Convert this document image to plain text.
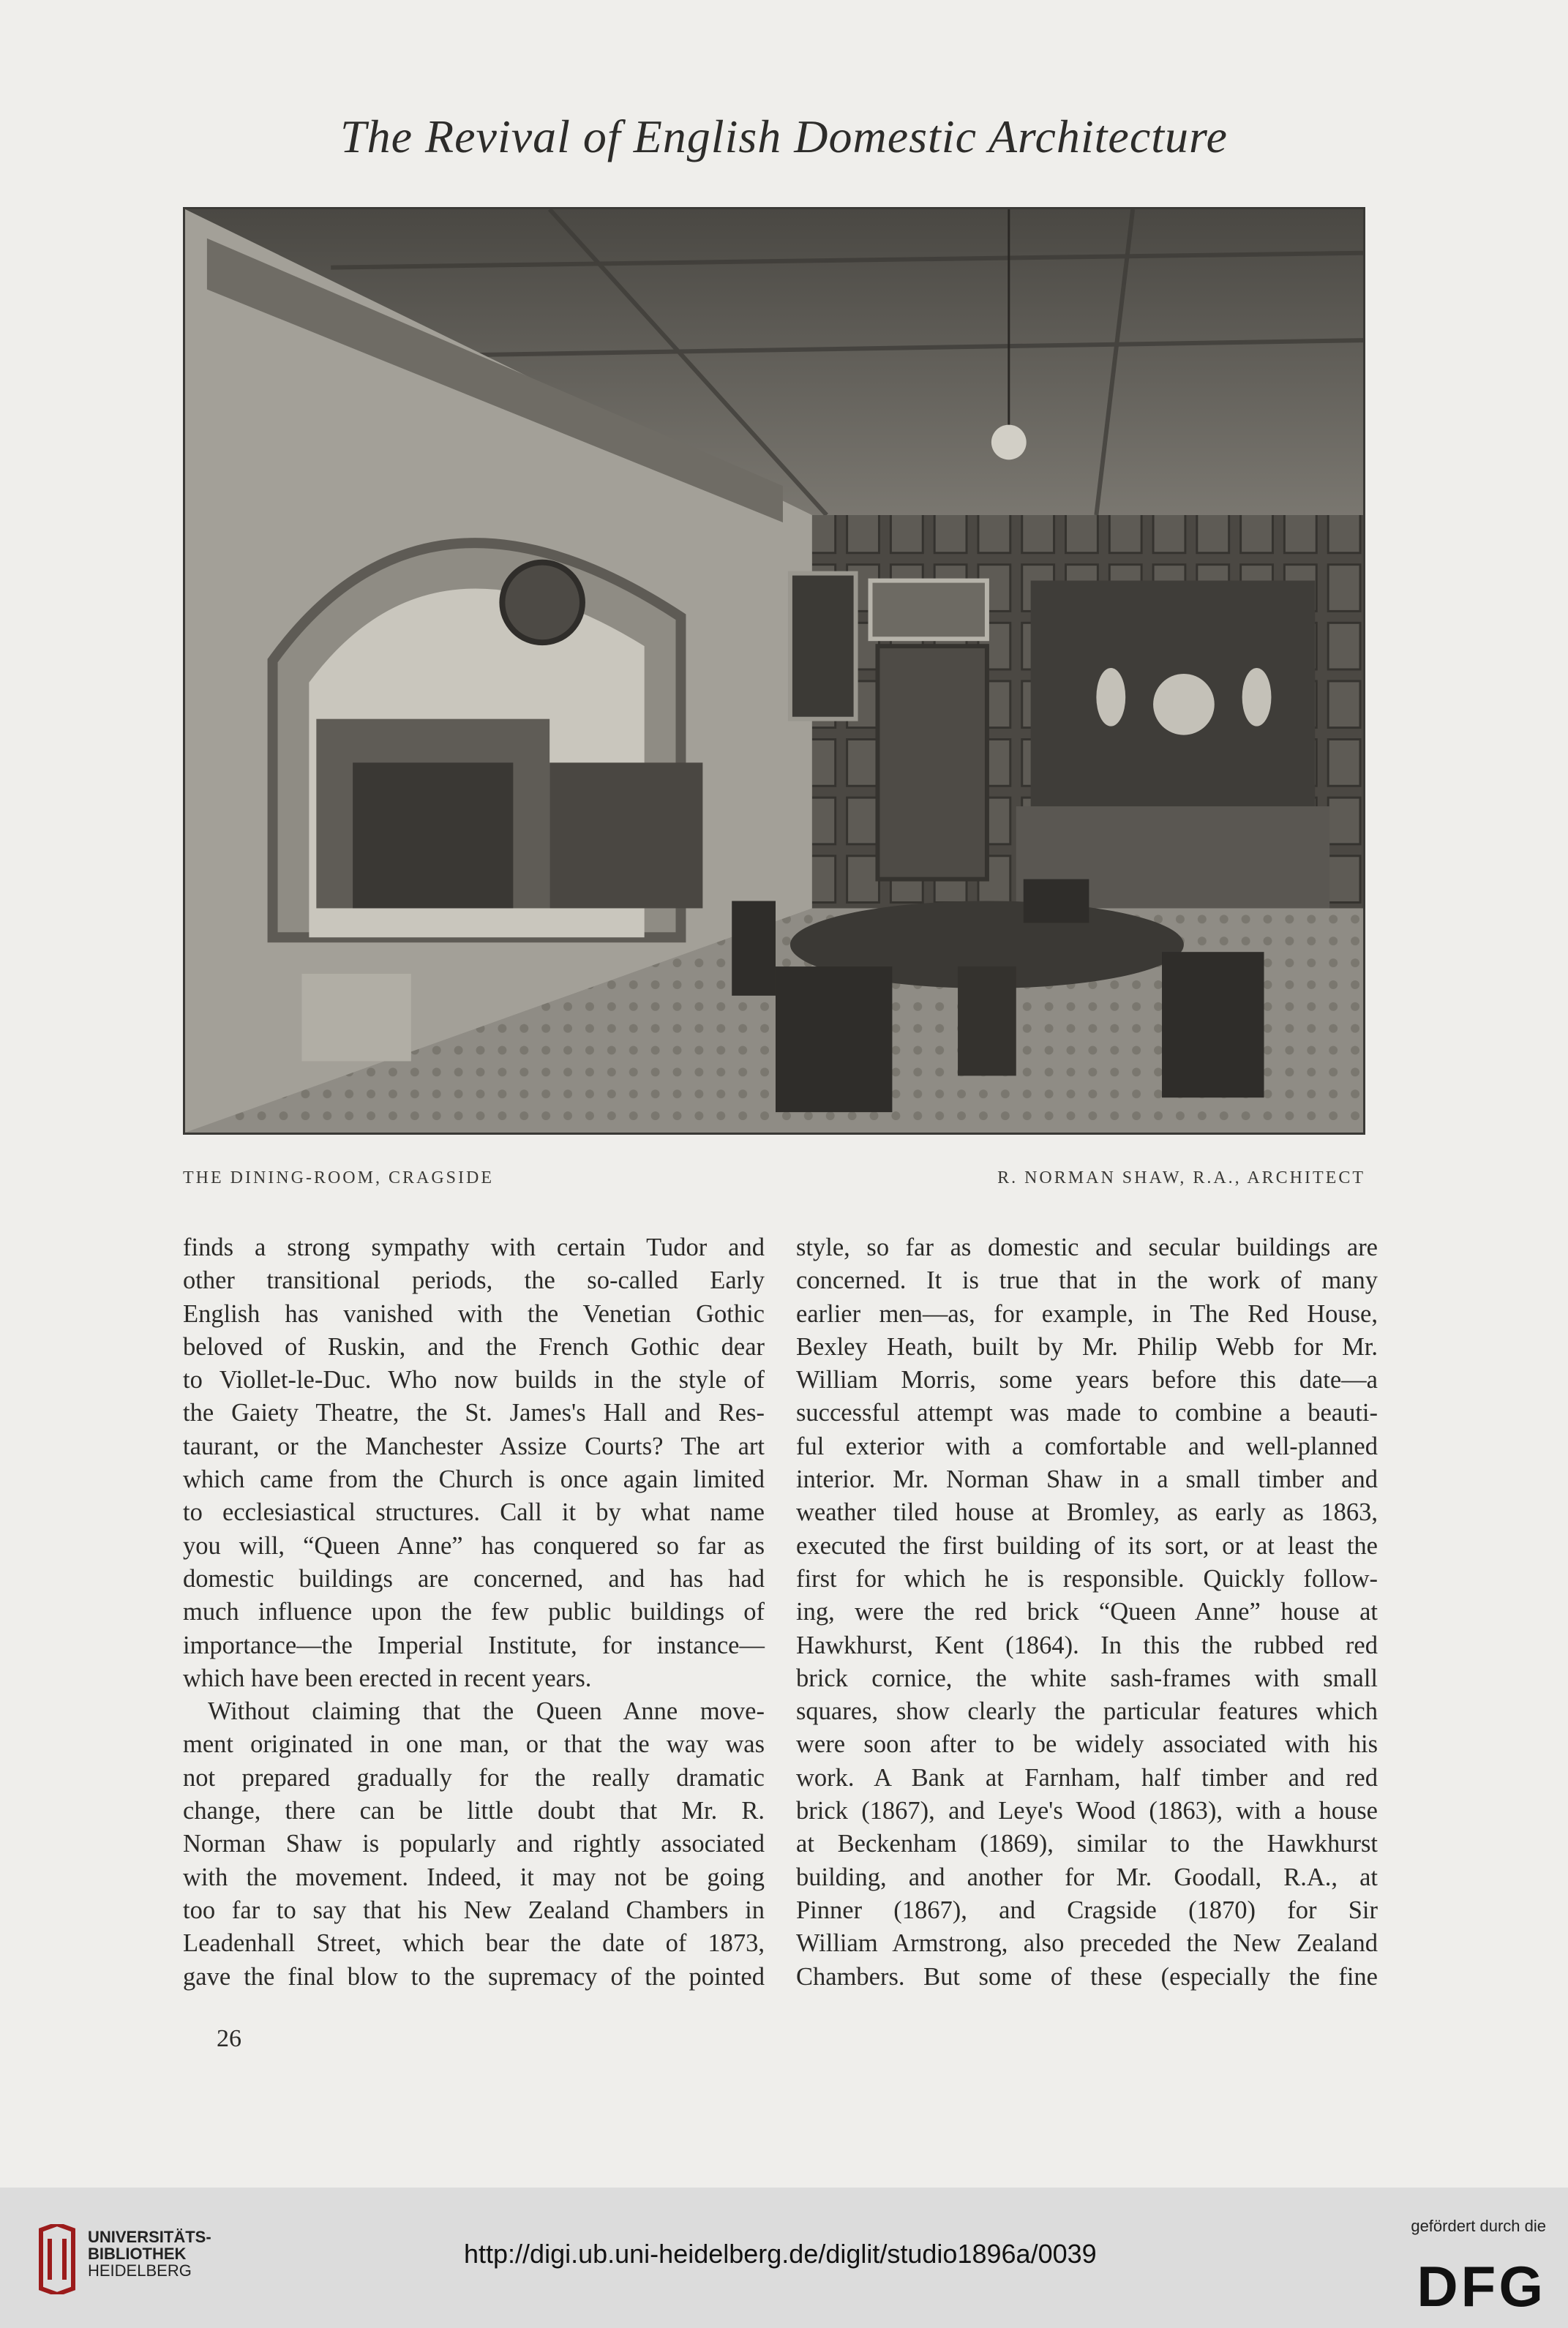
The Revival of English Domestic Architecture
THE DINING-ROOM, CRAGSIDE	R. NORMAN SHAW, R.A., ARCHITECT
finds a strong sympathy with certain Tudor and
other transitional periods, the so-called Early
English has vanished with the Venetian Gothic
beloved of Ruskin, and the French Gothic dear
to Viollet-le-Duc. Who now builds in the style of
the Gaiety Theatre, the St. James's Hall and Res-
taurant, or the Manchester Assize Courts? The art
which came from the Church is once again limited
to ecclesiastical structures. Call it by what name
you will, “Queen Anne” has conquered so far as
domestic buildings are concerned, and has had
much influence upon the few public buildings of
importance—the Imperial Institute, for instance—
which have been erected in recent years.
Without claiming that the Queen Anne move-
ment originated in one man, or that the way was
not prepared gradually for the really dramatic
change, there can be little doubt that Mr. R.
Norman Shaw is popularly and rightly associated
with the movement. Indeed, it may not be going
too far to say that his New Zealand Chambers in
Leadenhall Street, which bear the date of 1873,
gave the final blow to the supremacy of the pointed
style, so far as domestic and secular buildings are
concerned. It is true that in the work of many
earlier men—as, for example, in The Red House,
Bexley Heath, built by Mr. Philip Webb for Mr.
William Morris, some years before this date—a
successful attempt was made to combine a beauti-
ful exterior with a comfortable and well-planned
interior. Mr. Norman Shaw in a small timber and
weather tiled house at Bromley, as early as 1863,
executed the first building of its sort, or at least the
first for which he is responsible. Quickly follow-
ing, were the red brick “Queen Anne” house at
Hawkhurst, Kent (1864). In this the rubbed red
brick cornice, the white sash-frames with small
squares, show clearly the particular features which
were soon after to be widely associated with his
work. A Bank at Farnham, half timber and red
brick (1867), and Leye's Wood (1863), with a house
at Beckenham (1869), similar to the Hawkhurst
building, and another for Mr. Goodall, R.A., at
Pinner (1867), and Cragside (1870) for Sir
William Armstrong, also preceded the New Zealand
Chambers. But some of these (especially the fine
26
UNIVERSITÄTS-
BIBLIOTHEK
HEIDELBERG
http://digi.ub.uni-heidelberg.de/diglit/studio1896a/0039
gefördert durch die
DFG
